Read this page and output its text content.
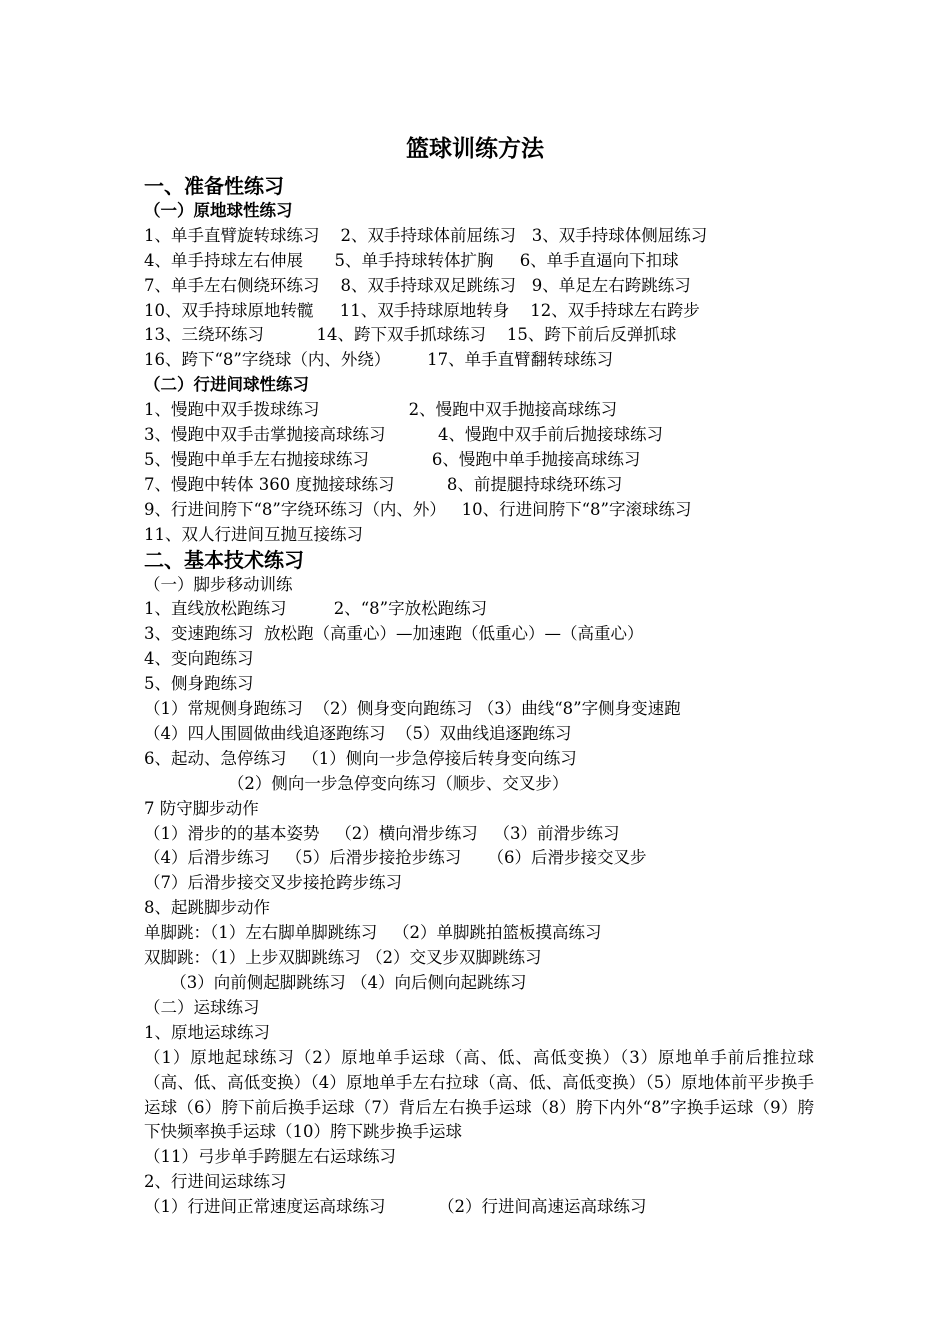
篮球训练方法
一、准备性练习
（一）原地球性练习
1、单手直臂旋转球练习    2、双手持球体前屈练习   3、双手持球体侧屈练习
4、单手持球左右伸展      5、单手持球转体扩胸     6、单手直逼向下扣球
7、单手左右侧绕环练习    8、双手持球双足跳练习   9、单足左右跨跳练习
10、双手持球原地转髋     11、双手持球原地转身    12、双手持球左右跨步
13、三绕环练习          14、跨下双手抓球练习    15、跨下前后反弹抓球
16、跨下“8”字绕球（内、外绕）       17、单手直臂翻转球练习
（二）行进间球性练习
1、慢跑中双手拨球练习                 2、慢跑中双手抛接高球练习
3、慢跑中双手击掌抛接高球练习          4、慢跑中双手前后抛接球练习
5、慢跑中单手左右抛接球练习            6、慢跑中单手抛接高球练习
7、慢跑中转体 360 度抛接球练习          8、前提腿持球绕环练习
9、行进间胯下“8”字绕环练习（内、外）   10、行进间胯下“8”字滚球练习
11、双人行进间互抛互接练习
二、基本技术练习
（一）脚步移动训练
1、直线放松跑练习         2、“8”字放松跑练习
3、变速跑练习  放松跑（高重心）—加速跑（低重心）—（高重心）
4、变向跑练习
5、侧身跑练习
（1）常规侧身跑练习  （2）侧身变向跑练习 （3）曲线“8”字侧身变速跑
（4）四人围圆做曲线追逐跑练习  （5）双曲线追逐跑练习
6、起动、急停练习   （1）侧向一步急停接后转身变向练习
（2）侧向一步急停变向练习（顺步、交叉步）
7 防守脚步动作
（1）滑步的的基本姿势   （2）横向滑步练习   （3）前滑步练习
（4）后滑步练习   （5）后滑步接抢步练习     （6）后滑步接交叉步
（7）后滑步接交叉步接抢跨步练习
8、起跳脚步动作
单脚跳：（1）左右脚单脚跳练习   （2）单脚跳拍篮板摸高练习
双脚跳：（1）上步双脚跳练习 （2）交叉步双脚跳练习
（3）向前侧起脚跳练习 （4）向后侧向起跳练习
（二）运球练习
1、原地运球练习
（1）原地起球练习（2）原地单手运球（高、低、高低变换）（3）原地单手前后推拉球（高、低、高低变换）（4）原地单手左右拉球（高、低、高低变换）（5）原地体前平步换手运球（6）胯下前后换手运球（7）背后左右换手运球（8）胯下内外“8”字换手运球（9）胯下快频率换手运球（10）胯下跳步换手运球
（11）弓步单手跨腿左右运球练习
2、行进间运球练习
（1）行进间正常速度运高球练习          （2）行进间高速运高球练习
